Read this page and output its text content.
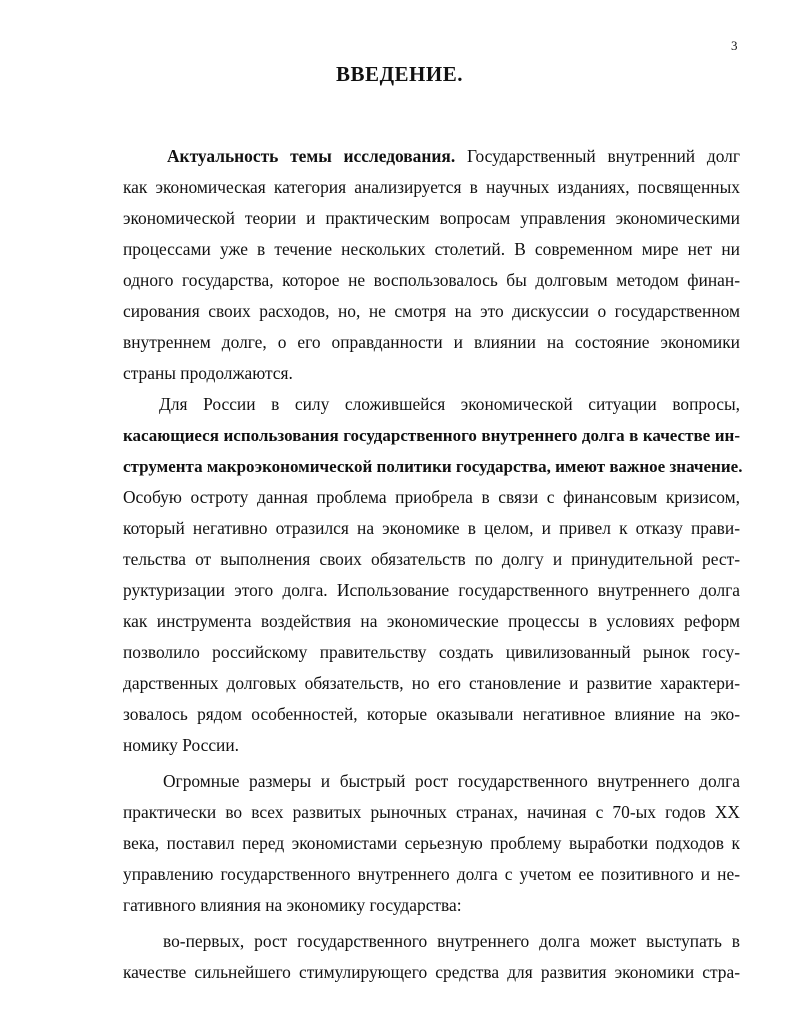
3
ВВЕДЕНИЕ.
Актуальность темы исследования. Государственный внутренний долг
как экономическая категория анализируется в научных изданиях, посвященных
экономической теории и практическим вопросам управления экономическими
процессами уже в течение нескольких столетий. В современном мире нет ни
одного государства, которое не воспользовалось бы долговым методом финан-
сирования своих расходов, но, не смотря на это дискуссии о государственном
внутреннем долге, о его оправданности и влиянии на состояние экономики
страны продолжаются.
Для России в силу сложившейся экономической ситуации вопросы,
касающиеся использования государственного внутреннего долга в качестве ин-
струмента макроэкономической политики государства, имеют важное значение.
Особую остроту данная проблема приобрела в связи с финансовым кризисом,
который негативно отразился на экономике в целом, и привел к отказу прави-
тельства от выполнения своих обязательств по долгу и принудительной рест-
руктуризации этого долга. Использование государственного внутреннего долга
как инструмента воздействия на экономические процессы в условиях реформ
позволило российскому правительству создать цивилизованный рынок госу-
дарственных долговых обязательств, но его становление и развитие характери-
зовалось рядом особенностей, которые оказывали негативное влияние на эко-
номику России.
Огромные размеры и быстрый рост государственного внутреннего долга
практически во всех развитых рыночных странах, начиная с 70-ых годов XX
века, поставил перед экономистами серьезную проблему выработки подходов к
управлению государственного внутреннего долга с учетом ее позитивного и не-
гативного влияния на экономику государства:
во-первых, рост государственного внутреннего долга может выступать в
качестве сильнейшего стимулирующего средства для развития экономики стра-
